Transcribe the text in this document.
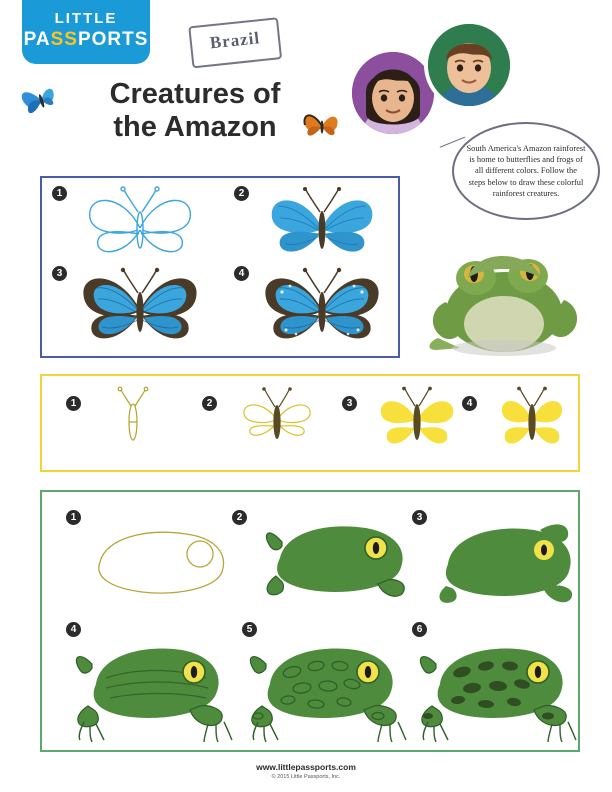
LITTLE
PASSPORTS	Brazil
Creatures of
the Amazon

South America's Amazon rainforest is home to butterflies and frogs of all different colors. Follow the steps below to draw these colorful rainforest creatures.

1	2
3	4
1	2	3	4
1	2	3
4	5	6
www.littlepassports.com
© 2015 Little Passports, Inc.
